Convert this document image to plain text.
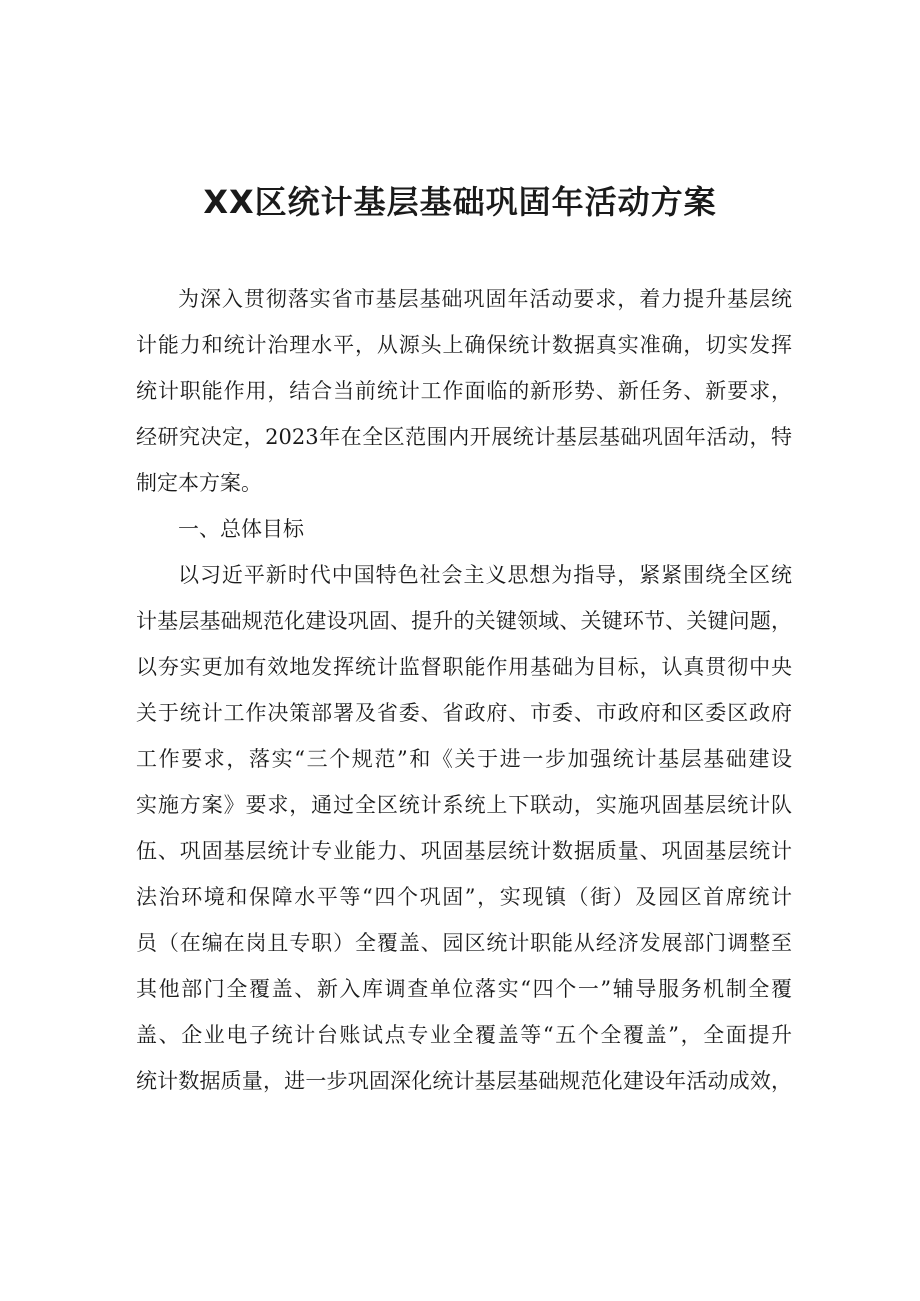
XX区统计基层基础巩固年活动方案
为深入贯彻落实省市基层基础巩固年活动要求，着力提升基层统
计能力和统计治理水平，从源头上确保统计数据真实准确，切实发挥
统计职能作用，结合当前统计工作面临的新形势、新任务、新要求，
经研究决定，2023年在全区范围内开展统计基层基础巩固年活动，特
制定本方案。
一、总体目标
以习近平新时代中国特色社会主义思想为指导，紧紧围绕全区统
计基层基础规范化建设巩固、提升的关键领域、关键环节、关键问题，
以夯实更加有效地发挥统计监督职能作用基础为目标，认真贯彻中央
关于统计工作决策部署及省委、省政府、市委、市政府和区委区政府
工作要求，落实“三个规范”和《关于进一步加强统计基层基础建设
实施方案》要求，通过全区统计系统上下联动，实施巩固基层统计队
伍、巩固基层统计专业能力、巩固基层统计数据质量、巩固基层统计
法治环境和保障水平等“四个巩固”，实现镇（街）及园区首席统计
员（在编在岗且专职）全覆盖、园区统计职能从经济发展部门调整至
其他部门全覆盖、新入库调查单位落实“四个一”辅导服务机制全覆
盖、企业电子统计台账试点专业全覆盖等“五个全覆盖”，全面提升
统计数据质量，进一步巩固深化统计基层基础规范化建设年活动成效，
